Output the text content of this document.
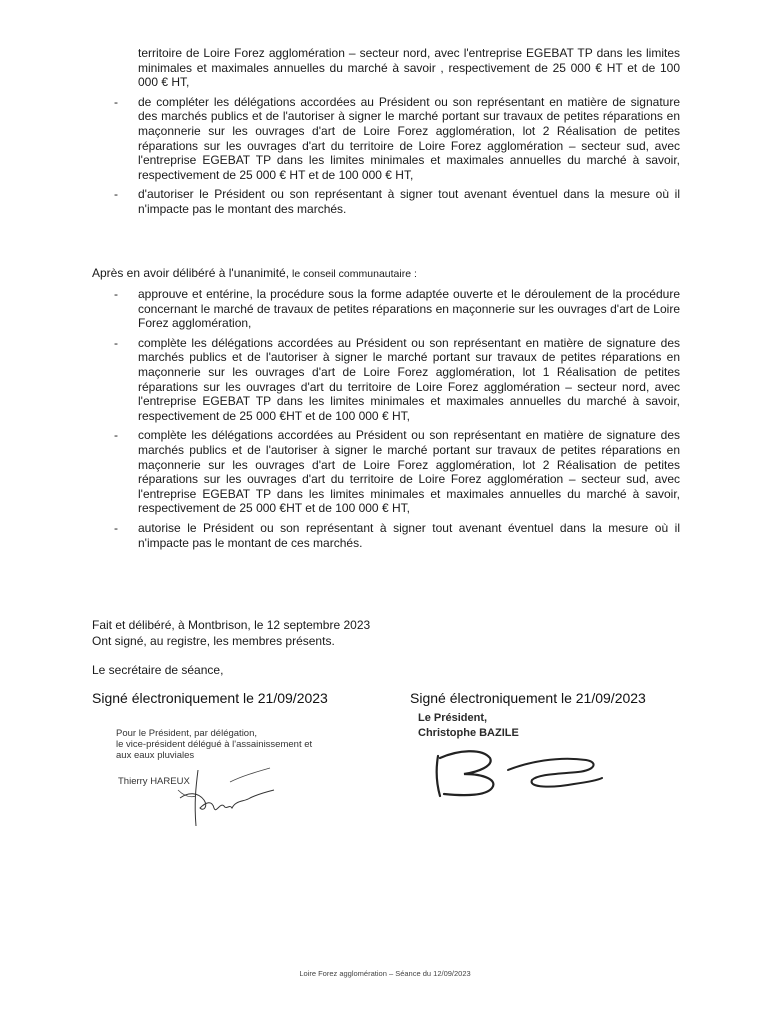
territoire de Loire Forez agglomération – secteur nord, avec l'entreprise EGEBAT TP dans les limites minimales et maximales annuelles du marché à savoir , respectivement de 25 000 € HT et de 100 000 € HT,
- de compléter les délégations accordées au Président ou son représentant en matière de signature des marchés publics et de l'autoriser à signer le marché portant sur travaux de petites réparations en maçonnerie sur les ouvrages d'art de Loire Forez agglomération, lot 2 Réalisation de petites réparations sur les ouvrages d'art du territoire de Loire Forez agglomération – secteur sud, avec l'entreprise EGEBAT TP dans les limites minimales et maximales annuelles du marché à savoir, respectivement de 25 000 € HT et de 100 000 € HT,
- d'autoriser le Président ou son représentant à signer tout avenant éventuel dans la mesure où il n'impacte pas le montant des marchés.
Après en avoir délibéré à l'unanimité, le conseil communautaire :
- approuve et entérine, la procédure sous la forme adaptée ouverte et le déroulement de la procédure concernant le marché de travaux de petites réparations en maçonnerie sur les ouvrages d'art de Loire Forez agglomération,
- complète les délégations accordées au Président ou son représentant en matière de signature des marchés publics et de l'autoriser à signer le marché portant sur travaux de petites réparations en maçonnerie sur les ouvrages d'art de Loire Forez agglomération, lot 1 Réalisation de petites réparations sur les ouvrages d'art du territoire de Loire Forez agglomération – secteur nord, avec l'entreprise EGEBAT TP dans les limites minimales et maximales annuelles du marché à savoir, respectivement de 25 000 €HT et de 100 000 € HT,
- complète les délégations accordées au Président ou son représentant en matière de signature des marchés publics et de l'autoriser à signer le marché portant sur travaux de petites réparations en maçonnerie sur les ouvrages d'art de Loire Forez agglomération, lot 2 Réalisation de petites réparations sur les ouvrages d'art du territoire de Loire Forez agglomération – secteur sud, avec l'entreprise EGEBAT TP dans les limites minimales et maximales annuelles du marché à savoir, respectivement de 25 000 €HT et de 100 000 € HT,
- autorise le Président ou son représentant à signer tout avenant éventuel dans la mesure où il n'impacte pas le montant de ces marchés.
Fait et délibéré, à Montbrison, le 12 septembre 2023
Ont signé, au registre, les membres présents.
Le secrétaire de séance,
Signé électroniquement le 21/09/2023	Signé électroniquement le 21/09/2023
Pour le Président, par délégation,
le vice-président délégué à l'assainissement et
aux eaux pluviales
Thierry HAREUX
Le Président,
Christophe BAZILE
Loire Forez agglomération – Séance du 12/09/2023
